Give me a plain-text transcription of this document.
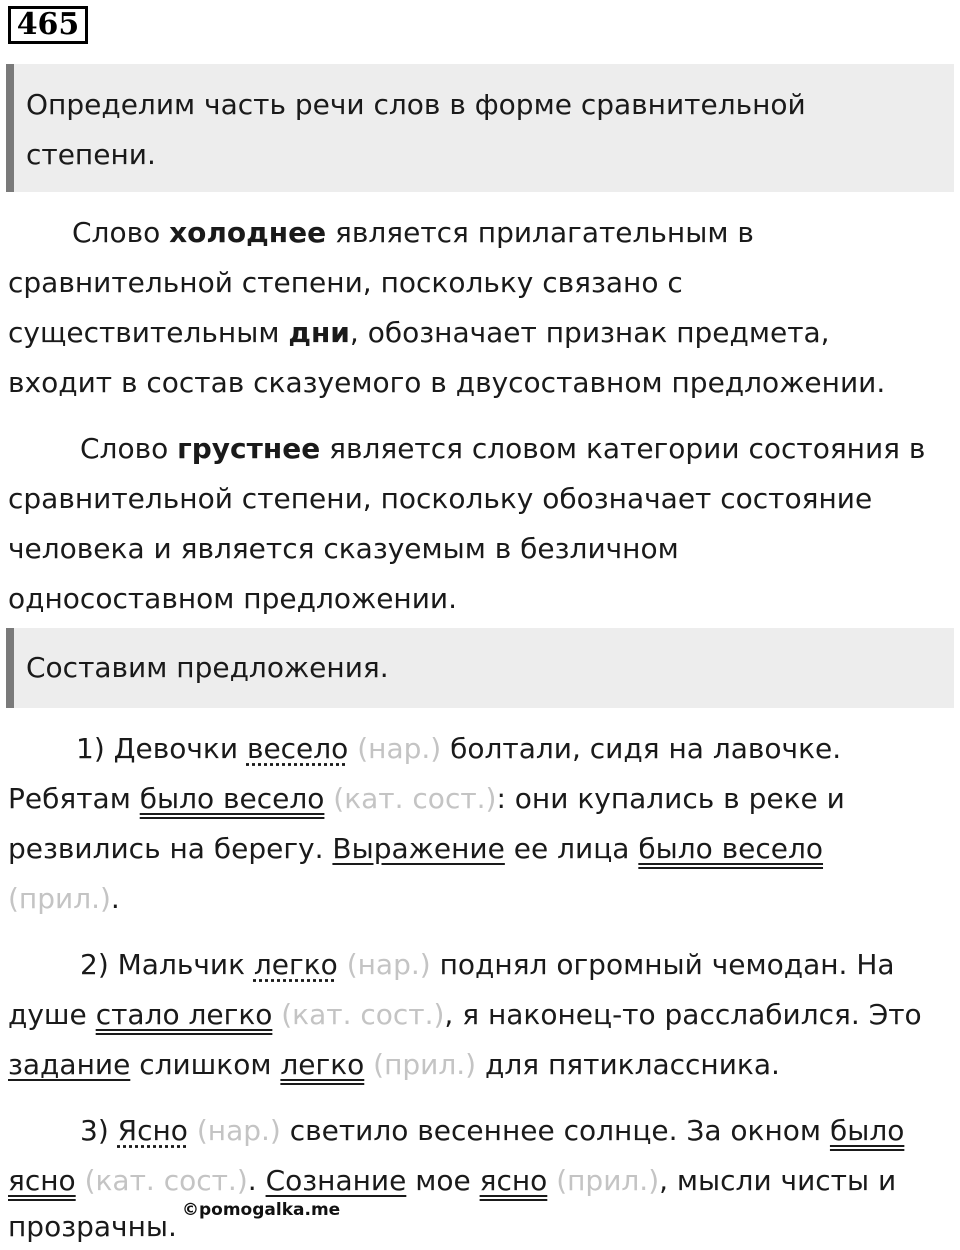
465
Определим часть речи слов в форме сравнительной
степени.
Слово холоднее является прилагательным в
сравнительной степени, поскольку связано с
существительным дни, обозначает признак предмета,
входит в состав сказуемого в двусоставном предложении.
Слово грустнее является словом категории состояния в
сравнительной степени, поскольку обозначает состояние
человека и является сказуемым в безличном
односоставном предложении.
Составим предложения.
1) Девочки весело (нар.) болтали, сидя на лавочке.
Ребятам было весело (кат. сост.): они купались в реке и
резвились на берегу. Выражение ее лица было весело
(прил.).
2) Мальчик легко (нар.) поднял огромный чемодан. На
душе стало легко (кат. сост.), я наконец-то расслабился. Это
задание слишком легко (прил.) для пятиклассника.
3) Ясно (нар.) светило весеннее солнце. За окном было
ясно (кат. сост.). Сознание мое ясно (прил.), мысли чисты и
прозрачны. ©pomogalka.me
